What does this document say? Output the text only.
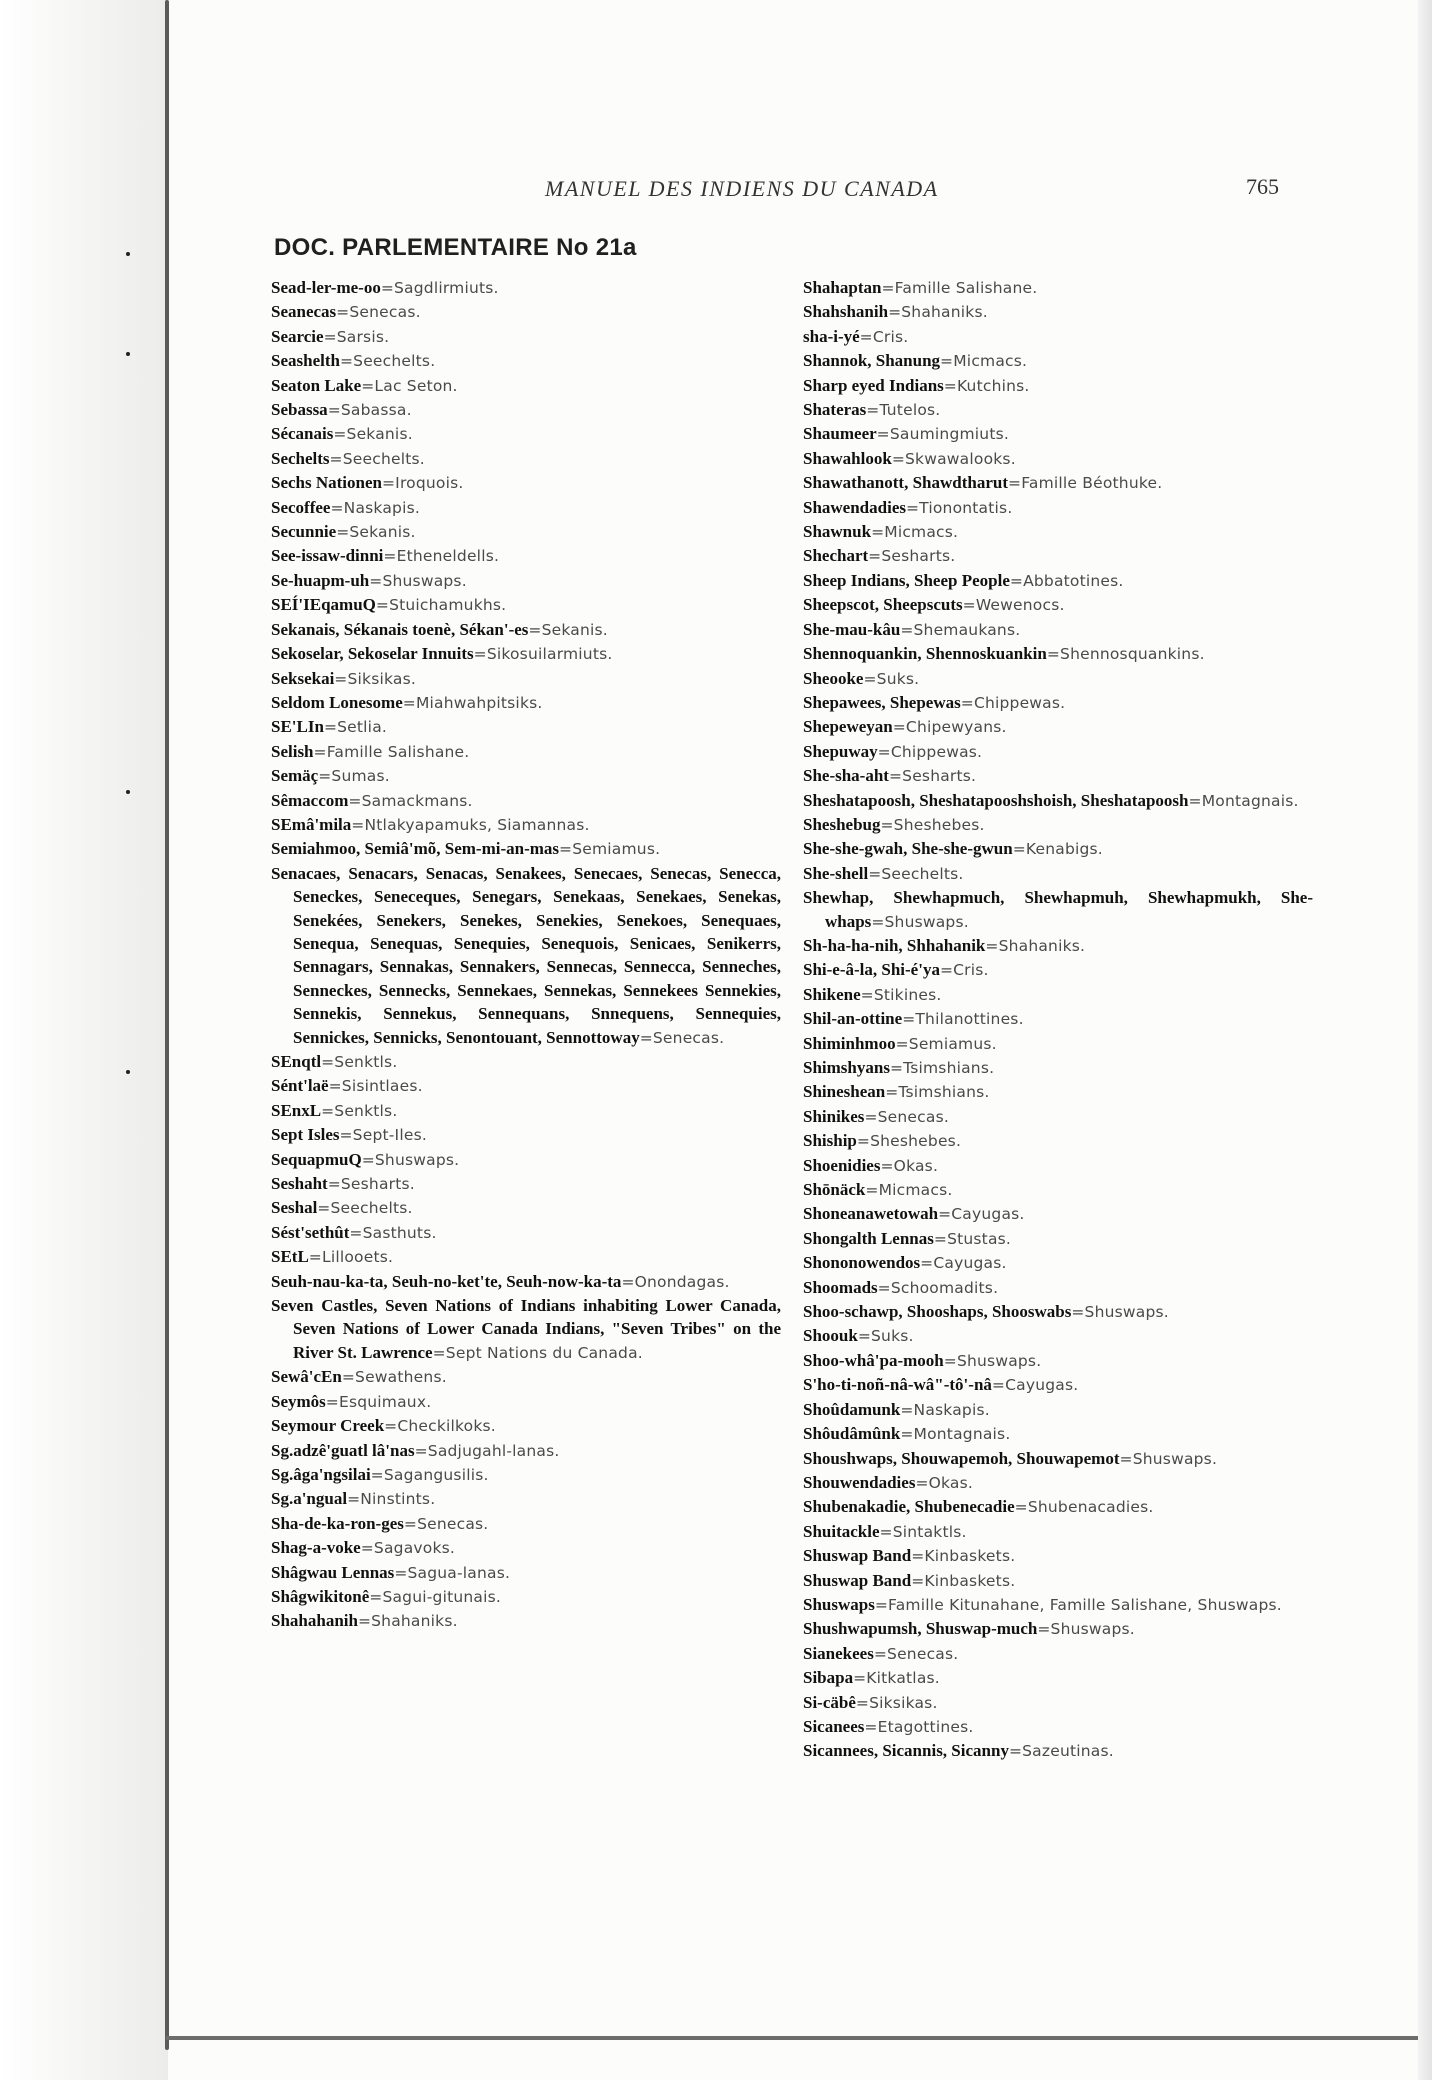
MANUEL DES INDIENS DU CANADA	765
DOC. PARLEMENTAIRE No 21a
Sead-ler-me-oo=Sagdlirmiuts.
Seanecas=Senecas.
Searcie=Sarsis.
Seashelth=Seechelts.
Seaton Lake=Lac Seton.
Sebassa=Sabassa.
Sécanais=Sekanis.
Sechelts=Seechelts.
Sechs Nationen=Iroquois.
Secoffee=Naskapis.
Secunnie=Sekanis.
See-issaw-dinni=Etheneldells.
Se-huapm-uh=Shuswaps.
SEÍ'IEqamuQ=Stuichamukhs.
Sekanais, Sékanais toenè, Sékan'-es=Sekanis.
Sekoselar, Sekoselar Innuits=Sikosuilarmiuts.
Seksekai=Siksikas.
Seldom Lonesome=Miahwahpitsiks.
SE'LIn=Setlia.
Selish=Famille Salishane.
Semäç=Sumas.
Sêmaccom=Samackmans.
SEmâ'mila=Ntlakyapamuks, Siamannas.
Semiahmoo, Semiâ'mõ, Sem-mi-an-mas=Semiamus.
Senacaes, Senacars, Senacas, Senakees, Senecaes, Senecas, Senecca, Seneckes, Seneceques, Senegars, Senekaas, Senekaes, Senekas, Senekées, Senekers, Senekes, Senekies, Senekoes, Senequaes, Senequa, Senequas, Senequies, Senequois, Senicaes, Senikerrs, Sennagars, Sennakas, Sennakers, Sennecas, Sennecca, Senneches, Senneckes, Sennecks, Sennekaes, Sennekas, Sennekees Sennekies, Sennekis, Sennekus, Sennequans, Snnequens, Sennequies, Sennickes, Sennicks, Senontouant, Sennottoway=Senecas.
SEnqtl=Senktls.
Sént'laë=Sisintlaes.
SEnxL=Senktls.
Sept Isles=Sept-Iles.
SequapmuQ=Shuswaps.
Seshaht=Sesharts.
Seshal=Seechelts.
Sést'sethût=Sasthuts.
SEtL=Lillooets.
Seuh-nau-ka-ta, Seuh-no-ket'te, Seuh-now-ka-ta=Onondagas.
Seven Castles, Seven Nations of Indians inhabiting Lower Canada, Seven Nations of Lower Canada Indians, "Seven Tribes" on the River St. Lawrence=Sept Nations du Canada.
Sewâ'cEn=Sewathens.
Seymôs=Esquimaux.
Seymour Creek=Checkilkoks.
Sg.adzê'guatl lâ'nas=Sadjugahl-lanas.
Sg.âga'ngsilai=Sagangusilis.
Sg.a'ngual=Ninstints.
Sha-de-ka-ron-ges=Senecas.
Shag-a-voke=Sagavoks.
Shâgwau Lennas=Sagua-lanas.
Shâgwikitonê=Sagui-gitunais.
Shahahanih=Shahaniks.
Shahaptan=Famille Salishane.
Shahshanih=Shahaniks.
sha-i-yé=Cris.
Shannok, Shanung=Micmacs.
Sharp eyed Indians=Kutchins.
Shateras=Tutelos.
Shaumeer=Saumingmiuts.
Shawahlook=Skwawalooks.
Shawathanott, Shawdtharut=Famille Béothuke.
Shawendadies=Tionontatis.
Shawnuk=Micmacs.
Shechart=Sesharts.
Sheep Indians, Sheep People=Abbatotines.
Sheepscot, Sheepscuts=Wewenocs.
She-mau-kâu=Shemaukans.
Shennoquankin, Shennoskuankin=Shennosquankins.
Sheooke=Suks.
Shepawees, Shepewas=Chippewas.
Shepeweyan=Chipewyans.
Shepuway=Chippewas.
She-sha-aht=Sesharts.
Sheshatapoosh, Sheshatapooshshoish, Sheshatapoosh=Montagnais.
Sheshebug=Sheshebes.
She-she-gwah, She-she-gwun=Kenabigs.
She-shell=Seechelts.
Shewhap, Shewhapmuch, Shewhapmuh, Shewhapmukh, She-whaps=Shuswaps.
Sh-ha-ha-nih, Shhahanik=Shahaniks.
Shi-e-â-la, Shi-é'ya=Cris.
Shikene=Stikines.
Shil-an-ottine=Thilanottines.
Shiminhmoo=Semiamus.
Shimshyans=Tsimshians.
Shineshean=Tsimshians.
Shinikes=Senecas.
Shiship=Sheshebes.
Shoenidies=Okas.
Shōnäck=Micmacs.
Shoneanawetowah=Cayugas.
Shongalth Lennas=Stustas.
Shononowendos=Cayugas.
Shoomads=Schoomadits.
Shoo-schawp, Shooshaps, Shooswabs=Shuswaps.
Shoouk=Suks.
Shoo-whâ'pa-mooh=Shuswaps.
S'ho-ti-noñ-nâ-wâ"-tô'-nâ=Cayugas.
Shoûdamunk=Naskapis.
Shôudâmûnk=Montagnais.
Shoushwaps, Shouwapemoh, Shouwapemot=Shuswaps.
Shouwendadies=Okas.
Shubenakadie, Shubenecadie=Shubenacadies.
Shuitackle=Sintaktls.
Shuswap Band=Kinbaskets.
Shuswap Band=Kinbaskets.
Shuswaps=Famille Kitunahane, Famille Salishane, Shuswaps.
Shushwapumsh, Shuswap-much=Shuswaps.
Sianekees=Senecas.
Sibapa=Kitkatlas.
Si-cäbê=Siksikas.
Sicanees=Etagottines.
Sicannees, Sicannis, Sicanny=Sazeutinas.
